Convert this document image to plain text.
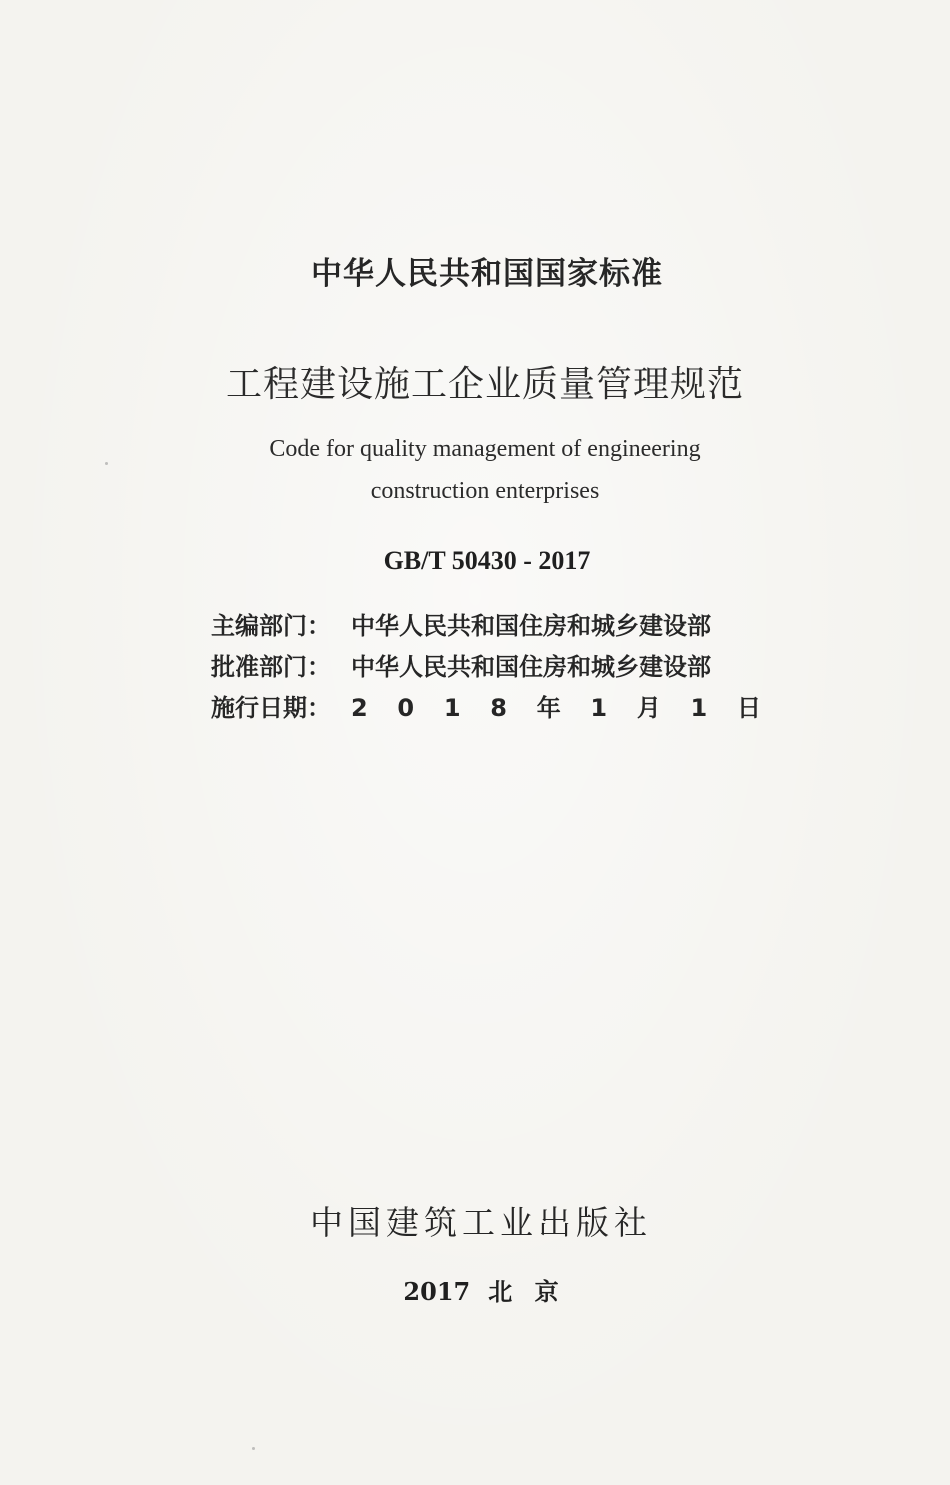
中华人民共和国国家标准
工程建设施工企业质量管理规范
Code for quality management of engineering
construction enterprises
GB/T 50430 - 2017
主编部门： 中华人民共和国住房和城乡建设部
批准部门： 中华人民共和国住房和城乡建设部
施行日期： 2 0 1 8 年 1 月 1 日
中国建筑工业出版社
2017 北 京
